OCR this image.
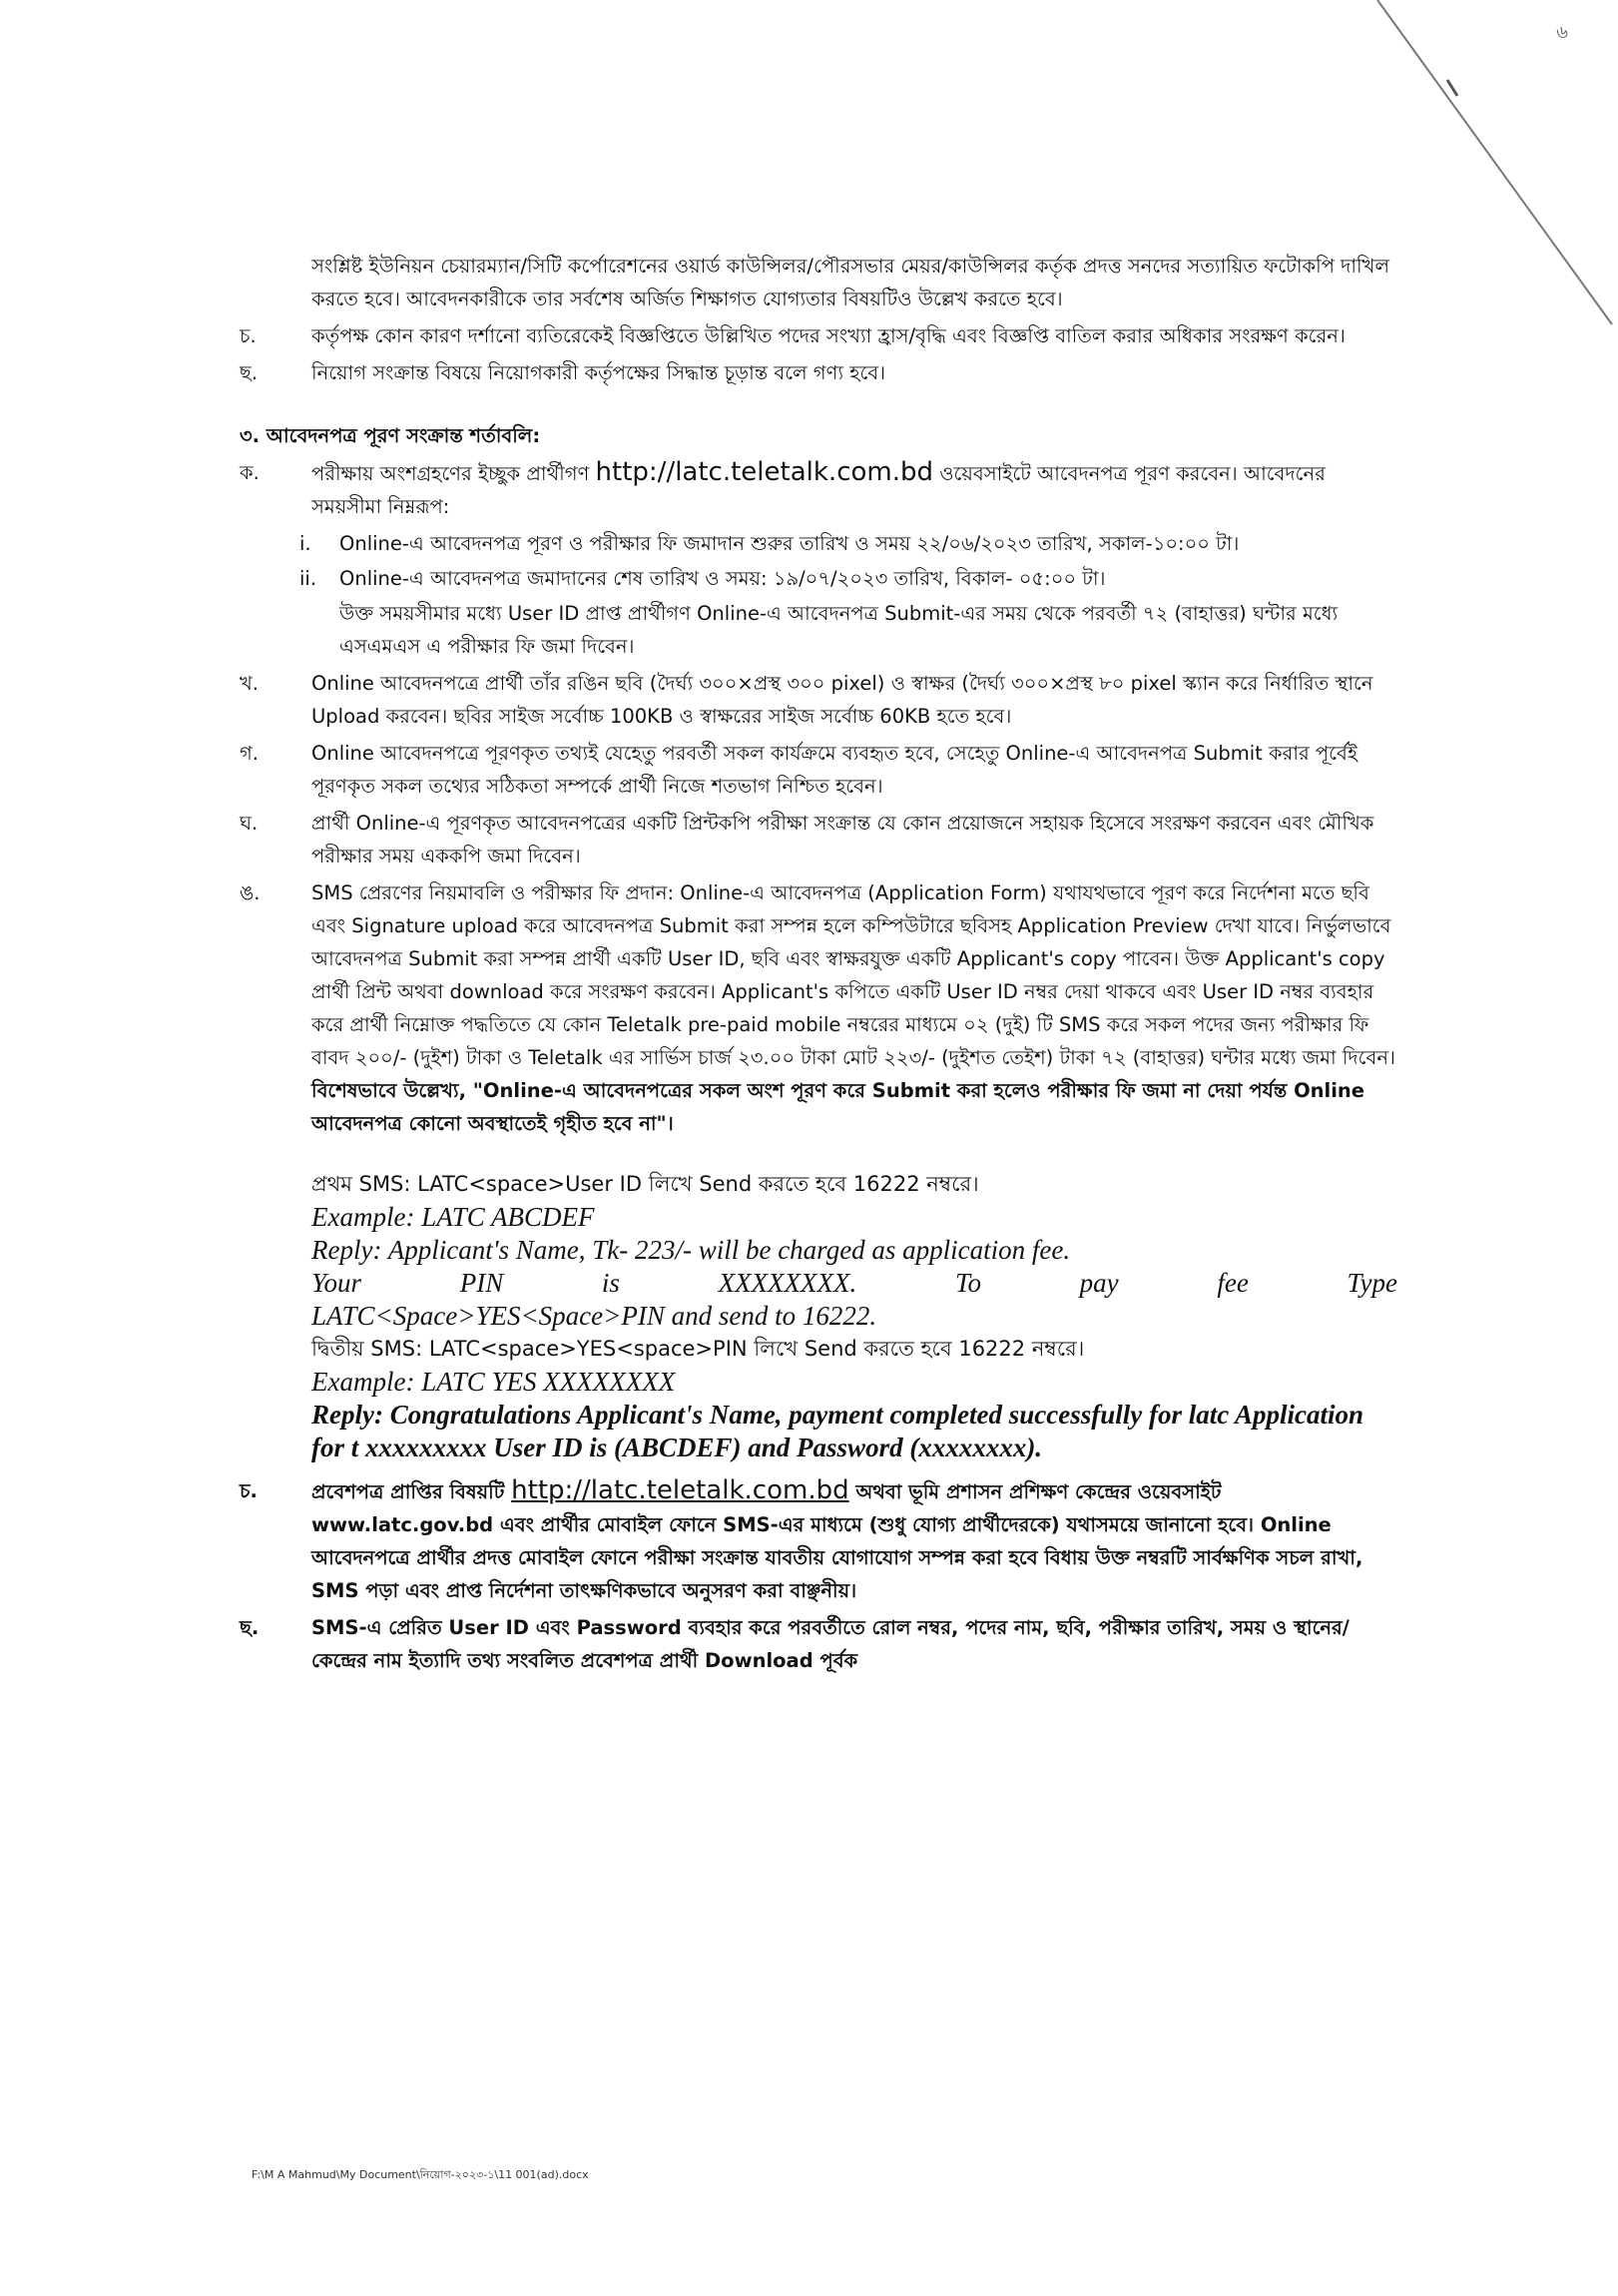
৬

সংশ্লিষ্ট ইউনিয়ন চেয়ারম্যান/সিটি কর্পোরেশনের ওয়ার্ড কাউন্সিলর/পৌরসভার মেয়র/কাউন্সিলর কর্তৃক প্রদত্ত সনদের সত্যায়িত ফটোকপি দাখিল করতে হবে। আবেদনকারীকে তার সর্বশেষ অর্জিত শিক্ষাগত যোগ্যতার বিষয়টিও উল্লেখ করতে হবে।

চ.	কর্তৃপক্ষ কোন কারণ দর্শানো ব্যতিরেকেই বিজ্ঞপ্তিতে উল্লিখিত পদের সংখ্যা হ্রাস/বৃদ্ধি এবং বিজ্ঞপ্তি বাতিল করার অধিকার সংরক্ষণ করেন।
ছ.	নিয়োগ সংক্রান্ত বিষয়ে নিয়োগকারী কর্তৃপক্ষের সিদ্ধান্ত চূড়ান্ত বলে গণ্য হবে।
৩. আবেদনপত্র পূরণ সংক্রান্ত শর্তাবলি:
ক.	পরীক্ষায় অংশগ্রহণের ইচ্ছুক প্রার্থীগণ http://latc.teletalk.com.bd ওয়েবসাইটে আবেদনপত্র পূরণ করবেন। আবেদনের সময়সীমা নিম্নরূপ:
i.	Online-এ আবেদনপত্র পূরণ ও পরীক্ষার ফি জমাদান শুরুর তারিখ ও সময় ২২/০৬/২০২৩ তারিখ, সকাল-১০:০০ টা।
ii.	Online-এ আবেদনপত্র জমাদানের শেষ তারিখ ও সময়: ১৯/০৭/২০২৩ তারিখ, বিকাল- ০৫:০০ টা।

উক্ত সময়সীমার মধ্যে User ID প্রাপ্ত প্রার্থীগণ Online-এ আবেদনপত্র Submit-এর সময় থেকে পরবর্তী ৭২ (বাহাত্তর) ঘন্টার মধ্যে এসএমএস এ পরীক্ষার ফি জমা দিবেন।

খ.	Online আবেদনপত্রে প্রার্থী তাঁর রঙিন ছবি (দৈর্ঘ্য ৩০০×প্রস্থ ৩০০ pixel) ও স্বাক্ষর (দৈর্ঘ্য ৩০০×প্রস্থ ৮০ pixel স্ক্যান করে নির্ধারিত স্থানে Upload করবেন। ছবির সাইজ সর্বোচ্চ 100KB ও স্বাক্ষরের সাইজ সর্বোচ্চ 60KB হতে হবে।
গ.	Online আবেদনপত্রে পূরণকৃত তথ্যই যেহেতু পরবর্তী সকল কার্যক্রমে ব্যবহৃত হবে, সেহেতু Online-এ আবেদনপত্র Submit করার পূর্বেই পূরণকৃত সকল তথ্যের সঠিকতা সম্পর্কে প্রার্থী নিজে শতভাগ নিশ্চিত হবেন।
ঘ.	প্রার্থী Online-এ পূরণকৃত আবেদনপত্রের একটি প্রিন্টকপি পরীক্ষা সংক্রান্ত যে কোন প্রয়োজনে সহায়ক হিসেবে সংরক্ষণ করবেন এবং মৌখিক পরীক্ষার সময় এককপি জমা দিবেন।
ঙ.	SMS প্রেরণের নিয়মাবলি ও পরীক্ষার ফি প্রদান: Online-এ আবেদনপত্র (Application Form) যথাযথভাবে পূরণ করে নির্দেশনা মতে ছবি এবং Signature upload করে আবেদনপত্র Submit করা সম্পন্ন হলে কম্পিউটারে ছবিসহ Application Preview দেখা যাবে। নির্ভুলভাবে আবেদনপত্র Submit করা সম্পন্ন প্রার্থী একটি User ID, ছবি এবং স্বাক্ষরযুক্ত একটি Applicant's copy পাবেন। উক্ত Applicant's copy প্রার্থী প্রিন্ট অথবা download করে সংরক্ষণ করবেন। Applicant's কপিতে একটি User ID নম্বর দেয়া থাকবে এবং User ID নম্বর ব্যবহার করে প্রার্থী নিম্নোক্ত পদ্ধতিতে যে কোন Teletalk pre-paid mobile নম্বরের মাধ্যমে ০২ (দুই) টি SMS করে সকল পদের জন্য পরীক্ষার ফি বাবদ ২০০/- (দুইশ) টাকা ও Teletalk এর সার্ভিস চার্জ ২৩.০০ টাকা মোট ২২৩/- (দুইশত তেইশ) টাকা ৭২ (বাহাত্তর) ঘন্টার মধ্যে জমা দিবেন। বিশেষভাবে উল্লেখ্য, "Online-এ আবেদনপত্রের সকল অংশ পূরণ করে Submit করা হলেও পরীক্ষার ফি জমা না দেয়া পর্যন্ত Online আবেদনপত্র কোনো অবস্থাতেই গৃহীত হবে না"।
প্রথম SMS: LATC<space>User ID লিখে Send করতে হবে 16222 নম্বরে।
Example: LATC ABCDEF
Reply: Applicant's Name, Tk- 223/- will be charged as application fee.
Your	PIN	is	XXXXXXXX.	To	pay	fee	Type
LATC<Space>YES<Space>PIN and send to 16222.
দ্বিতীয় SMS: LATC<space>YES<space>PIN লিখে Send করতে হবে 16222 নম্বরে।
Example: LATC YES XXXXXXXX
Reply: Congratulations Applicant's Name, payment completed successfully for latc Application for t xxxxxxxxx User ID is (ABCDEF) and Password (xxxxxxxx).
চ.	প্রবেশপত্র প্রাপ্তির বিষয়টি http://latc.teletalk.com.bd অথবা ভূমি প্রশাসন প্রশিক্ষণ কেন্দ্রের ওয়েবসাইট www.latc.gov.bd এবং প্রার্থীর মোবাইল ফোনে SMS-এর মাধ্যমে (শুধু যোগ্য প্রার্থীদেরকে) যথাসময়ে জানানো হবে। Online আবেদনপত্রে প্রার্থীর প্রদত্ত মোবাইল ফোনে পরীক্ষা সংক্রান্ত যাবতীয় যোগাযোগ সম্পন্ন করা হবে বিধায় উক্ত নম্বরটি সার্বক্ষণিক সচল রাখা, SMS পড়া এবং প্রাপ্ত নির্দেশনা তাৎক্ষণিকভাবে অনুসরণ করা বাঞ্ছনীয়।
ছ.	SMS-এ প্রেরিত User ID এবং Password ব্যবহার করে পরবর্তীতে রোল নম্বর, পদের নাম, ছবি, পরীক্ষার তারিখ, সময় ও স্থানের/কেন্দ্রের নাম ইত্যাদি তথ্য সংবলিত প্রবেশপত্র প্রার্থী Download পূর্বক
F:\M A Mahmud\My Document\নিয়োগ-২০২৩-১\11 001(ad).docx
